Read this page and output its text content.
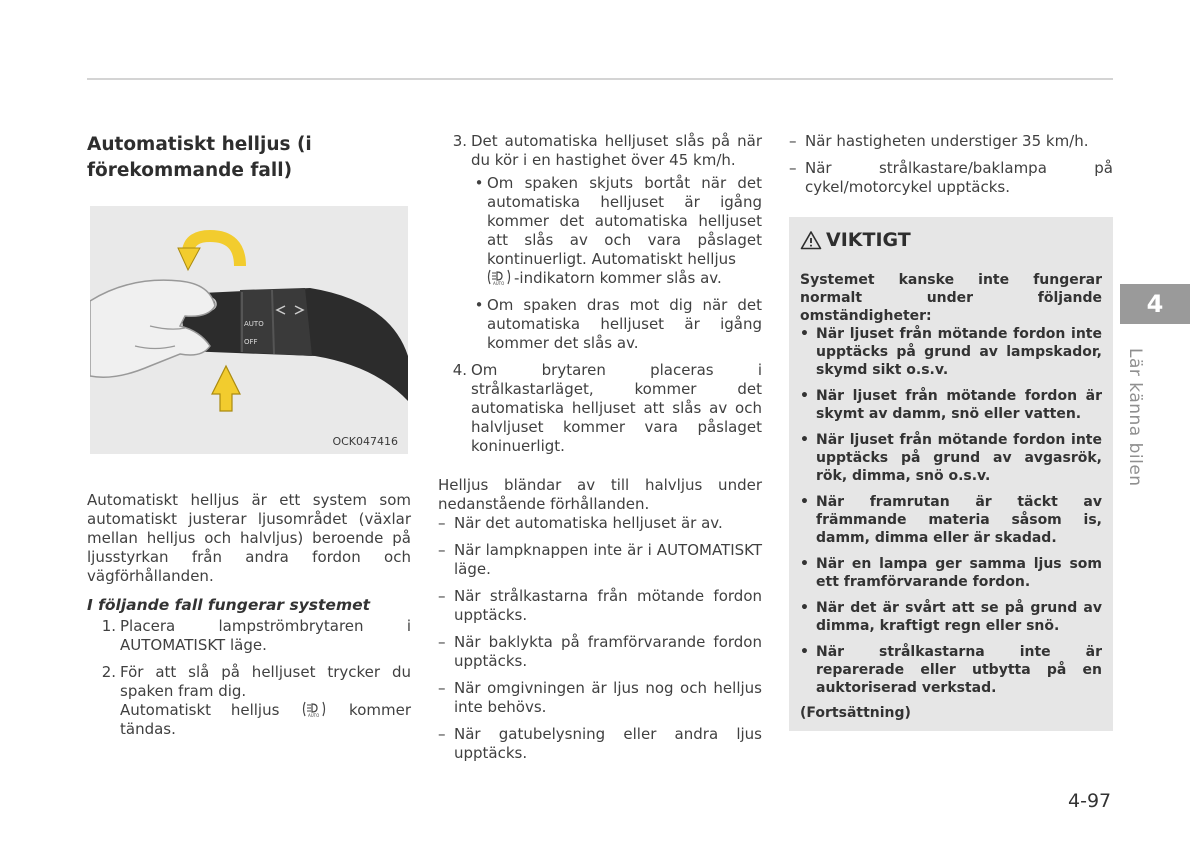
Automatiskt helljus (i förekommande fall)
AUTO
OFF
OCK047416

Automatiskt helljus är ett system som automatiskt justerar ljusområdet (växlar mellan helljus och halvljus) beroende på ljusstyrkan från andra fordon och vägförhållanden.

I följande fall fungerar systemet
1. Placera lampströmbrytaren i AUTOMATISKT läge.
2. För att slå på helljuset trycker du spaken fram dig.
Automatiskt helljus	AUTO kommer tändas.
3. Det automatiska helljuset slås på när du kör i en hastighet över 45 km/h.
• Om spaken skjuts bortåt när det automatiska helljuset är igång kommer det automatiska helljuset att slås av och vara påslaget kontinuerligt. Automatiskt helljus

AUTO -indikatorn kommer slås av.
• Om spaken dras mot dig när det automatiska helljuset är igång kommer det slås av.
4. Om brytaren placeras i strålkastarläget, kommer det automatiska helljuset att slås av och halvljuset kommer vara påslaget koninuerligt.

Helljus bländar av till halvljus under nedanstående förhållanden.

– När det automatiska helljuset är av.
– När lampknappen inte är i AUTOMATISKT läge.
– När strålkastarna från mötande fordon upptäcks.
– När baklykta på framförvarande fordon upptäcks.
– När omgivningen är ljus nog och helljus inte behövs.
– När gatubelysning eller andra ljus upptäcks.
– När hastigheten understiger 35 km/h.
– När strålkastare/baklampa på cykel/motorcykel upptäcks.
VIKTIGT

Systemet kanske inte fungerar normalt under följande omständigheter:

• När ljuset från mötande fordon inte upptäcks på grund av lampskador, skymd sikt o.s.v.
• När ljuset från mötande fordon är skymt av damm, snö eller vatten.
• När ljuset från mötande fordon inte upptäcks på grund av avgasrök, rök, dimma, snö o.s.v.
• När framrutan är täckt av främmande materia såsom is, damm, dimma eller är skadad.
• När en lampa ger samma ljus som ett framförvarande fordon.
• När det är svårt att se på grund av dimma, kraftigt regn eller snö.
• När strålkastarna inte är reparerade eller utbytta på en auktoriserad verkstad.

(Fortsättning)

4
Lär känna bilen
4-97
